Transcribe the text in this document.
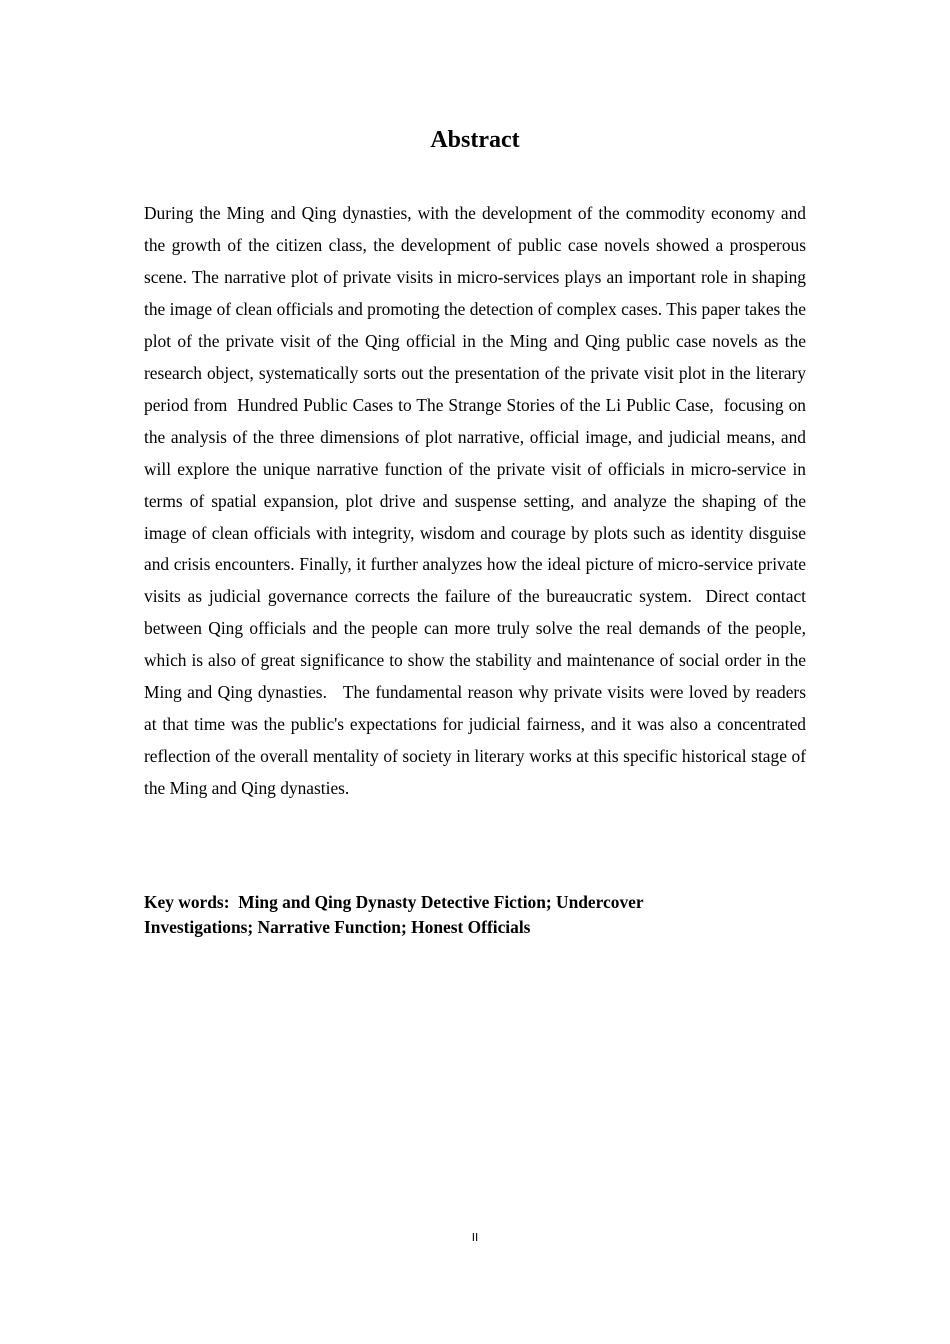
Abstract

During the Ming and Qing dynasties, with the development of the commodity economy and the growth of the citizen class, the development of public case novels showed a prosperous scene. The narrative plot of private visits in micro-services plays an important role in shaping the image of clean officials and promoting the detection of complex cases. This paper takes the plot of the private visit of the Qing official in the Ming and Qing public case novels as the research object, systematically sorts out the presentation of the private visit plot in the literary period from  Hundred Public Cases to The Strange Stories of the Li Public Case,  focusing on the analysis of the three dimensions of plot narrative, official image, and judicial means, and will explore the unique narrative function of the private visit of officials in micro-service in terms of spatial expansion, plot drive and suspense setting, and analyze the shaping of the image of clean officials with integrity, wisdom and courage by plots such as identity disguise and crisis encounters. Finally, it further analyzes how the ideal picture of micro-service private visits as judicial governance corrects the failure of the bureaucratic system.  Direct contact between Qing officials and the people can more truly solve the real demands of the people, which is also of great significance to show the stability and maintenance of social order in the Ming and Qing dynasties.   The fundamental reason why private visits were loved by readers at that time was the public's expectations for judicial fairness, and it was also a concentrated reflection of the overall mentality of society in literary works at this specific historical stage of the Ming and Qing dynasties.

Key words:  Ming and Qing Dynasty Detective Fiction; Undercover
Investigations; Narrative Function; Honest Officials

II
